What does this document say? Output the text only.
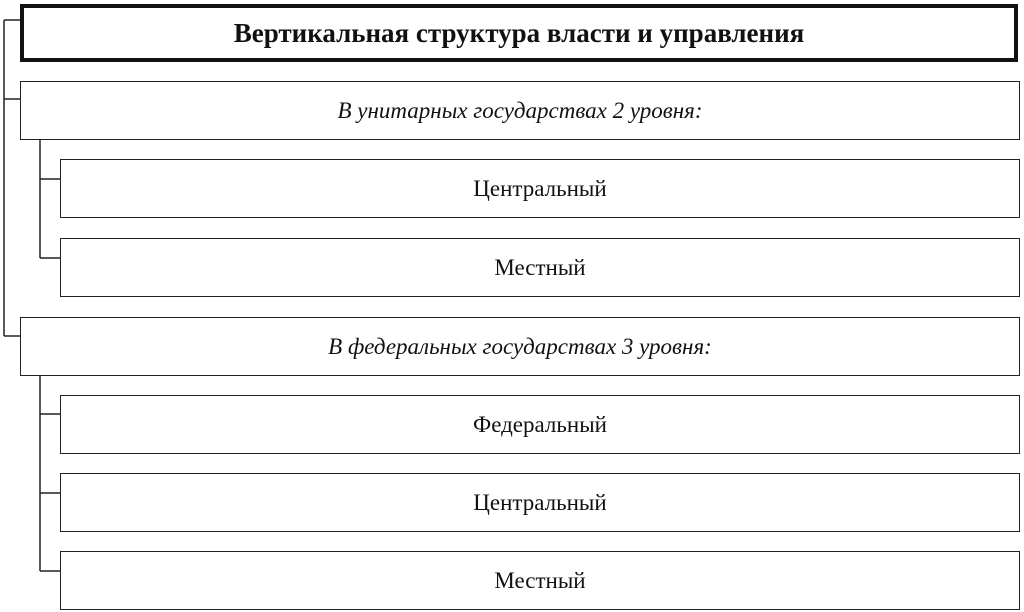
Вертикальная структура власти и управления
В унитарных государствах 2 уровня:
Центральный
Местный
В федеральных государствах 3 уровня:
Федеральный
Центральный
Местный
